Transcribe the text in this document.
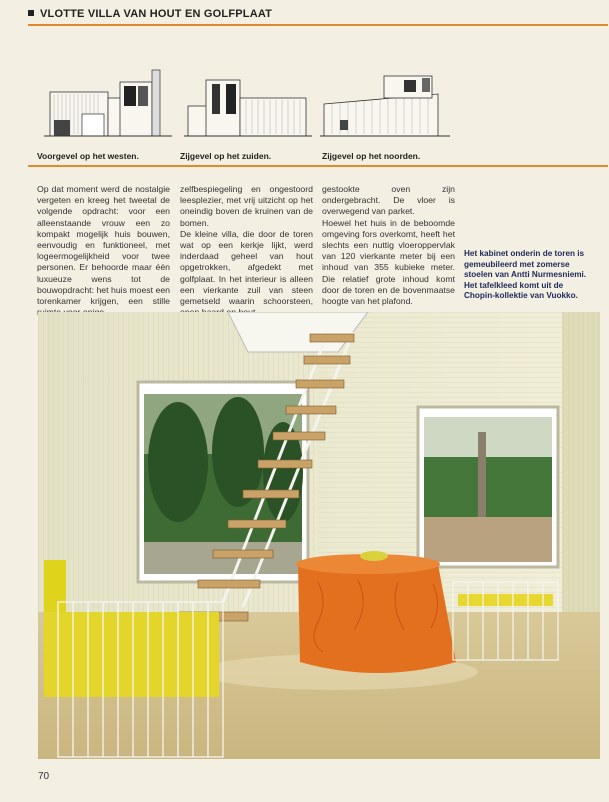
VLOTTE VILLA VAN HOUT EN GOLFPLAAT
Voorgevel op het westen.	Zijgevel op het zuiden.	Zijgevel op het noorden.

Op dat moment werd de nostalgie vergeten en kreeg het tweetal de volgende opdracht: voor een alleenstaande vrouw een zo kompakt mogelijk huis bouwen, eenvoudig en funktioneel, met logeermogelijkheid voor twee personen. Er behoorde maar één luxueuze wens tot de bouwopdracht: het huis moest een torenkamer krijgen, een stille

zelfbespiegeling en ongestoord leesplezier, met vrij uitzicht op het oneindig boven de kruinen van de bomen.

De kleine villa, die door de toren wat op een kerkje lijkt, werd inderdaad geheel van hout opgetrokken, afgedekt met golfplaat. In het interieur is alleen een vierkante zuil van steen gemetseld waarin schoorsteen,

gestookte oven zijn ondergebracht. De vloer is overwegend van parket.

Hoewel het huis in de beboomde omgeving fors overkomt, heeft het slechts een nuttig vloeroppervlak van 120 vierkante meter bij een inhoud van 355 kubieke meter. Die relatief grote inhoud komt door de toren en de bovenmaatse hoogte van het plafond.

Het kabinet onderin de toren is gemeubileerd met zomerse stoelen van Antti Nurmesniemi. Het tafelkleed komt uit de Chopin-kollektie van Vuokko.
70
